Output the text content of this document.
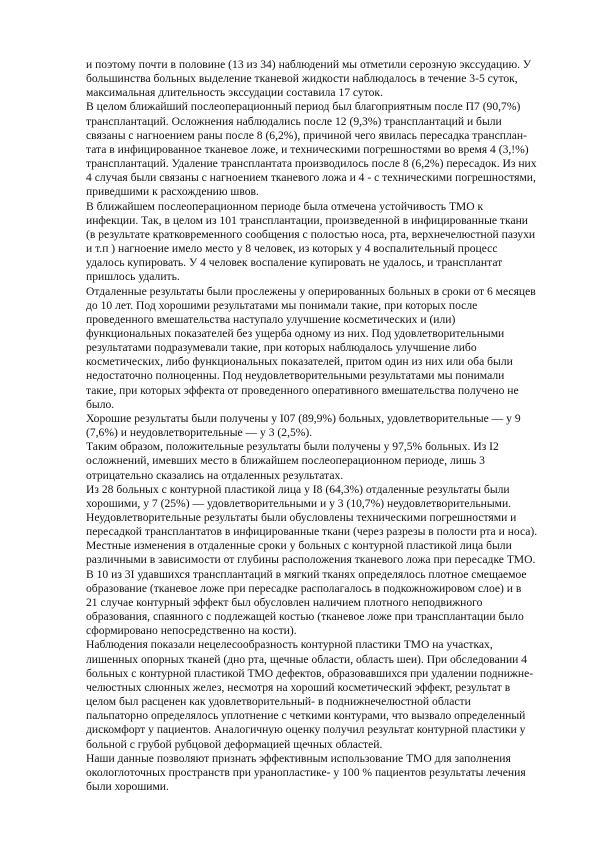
и поэтому почти в половине (13 из 34) наблюдений мы отметили серозную экссудацию. У
большинства больных выделение тканевой жидкости наблюдалось в течение 3-5 суток,
максимальная длительность экссудации составила 17 суток.

В целом ближайший послеоперационный период был благоприятным после П7 (90,7%)
трансплантаций. Осложнения наблюдались после 12 (9,3%) трансплантаций и были
связаны с нагноением раны после 8 (6,2%), причиной чего явилась пересадка трансплан-
тата в инфицированное тканевое ложе, и техническими погрешностями во время 4 (3,!%)
трансплантаций. Удаление трансплантата производилось после 8 (6,2%) пересадок. Из них
4 случая были связаны с нагноением тканевого ложа и 4 - с техническими погрешностями,
приведшими к расхождению швов.

В ближайшем послеоперационном периоде была отмечена устойчивость ТМО к
инфекции. Так, в целом из 101 трансплантации, произведенной в инфицированные ткани
(в результате кратковременного сообщения с полостью носа, рта, верхнечелюстной пазухи
и т.п ) нагноение имело место у 8 человек, из которых у 4 воспалительный процесс
удалось купировать. У 4 человек воспаление купировать не удалось, и трансплантат
пришлось удалить.

Отдаленные результаты были прослежены у оперированных больных в сроки от 6 месяцев
до 10 лет. Под хорошими результатами мы понимали такие, при которых после
проведенного вмешательства наступало улучшение косметических и (или)
функциональных показателей без ущерба одному из них. Под удовлетворительными
результатами подразумевали такие, при которых наблюдалось улучшение либо
косметических, либо функциональных показателей, притом один из них или оба были
недостаточно полноценны. Под неудовлетворительными результатами мы понимали
такие, при которых эффекта от проведенного оперативного вмешательства получено не
было.

Хорошие результаты были получены у I07 (89,9%) больных, удовлетворительные — у 9
(7,6%) и неудовлетворительные — у 3 (2,5%).

Таким образом, положительные результаты были получены у 97,5% больных. Из I2
осложнений, имевших место в ближайшем послеоперационном периоде, лишь 3
отрицательно сказались на отдаленных результатах.

Из 28 больных с контурной пластикой лица у I8 (64,3%) отдаленные результаты были
хорошими, у 7 (25%) — удовлетворительными и у 3 (10,7%) неудовлетворительными.

Неудовлетворительные результаты были обусловлены техническими погрешностями и
пересадкой трансплантатов в инфицированные ткани (через разрезы в полости рта и носа).

Местные изменения в отдаленные сроки у больных с контурной пластикой лица были
различными в зависимости от глубины расположения тканевого ложа при пересадке ТМО.

В 10 из 3I удавшихся трансплантаций в мягкий тканях определялось плотное смещаемое
образование (тканевое ложе при пересадке располагалось в подкожножировом слое) и в
21 случае контурный эффект был обусловлен наличием плотного неподвижного
образования, спаянного с подлежащей костью (тканевое ложе при трансплантации было
сформировано непосредственно на кости).

Наблюдения показали нецелесообразность контурной пластики ТМО на участках,
лишенных опорных тканей (дно рта, щечные области, область шеи). При обследовании 4
больных с контурной пластикой ТМО дефектов, образовавшихся при удалении поднижне-
челюстных слюнных желез, несмотря на хороший косметический эффект, результат в
целом был расценен как удовлетворительный- в поднижнечелюстной области
пальпаторно определялось уплотнение с четкими контурами, что вызвало определенный
дискомфорт у пациентов. Аналогичную оценку получил результат контурной пластики у
больной с грубой рубцовой деформацией щечных областей.

Наши данные позволяют признать эффективным использование ТМО для заполнения
окологлоточных пространств при уранопластике- у 100 % пациентов результаты лечения
были хорошими.
